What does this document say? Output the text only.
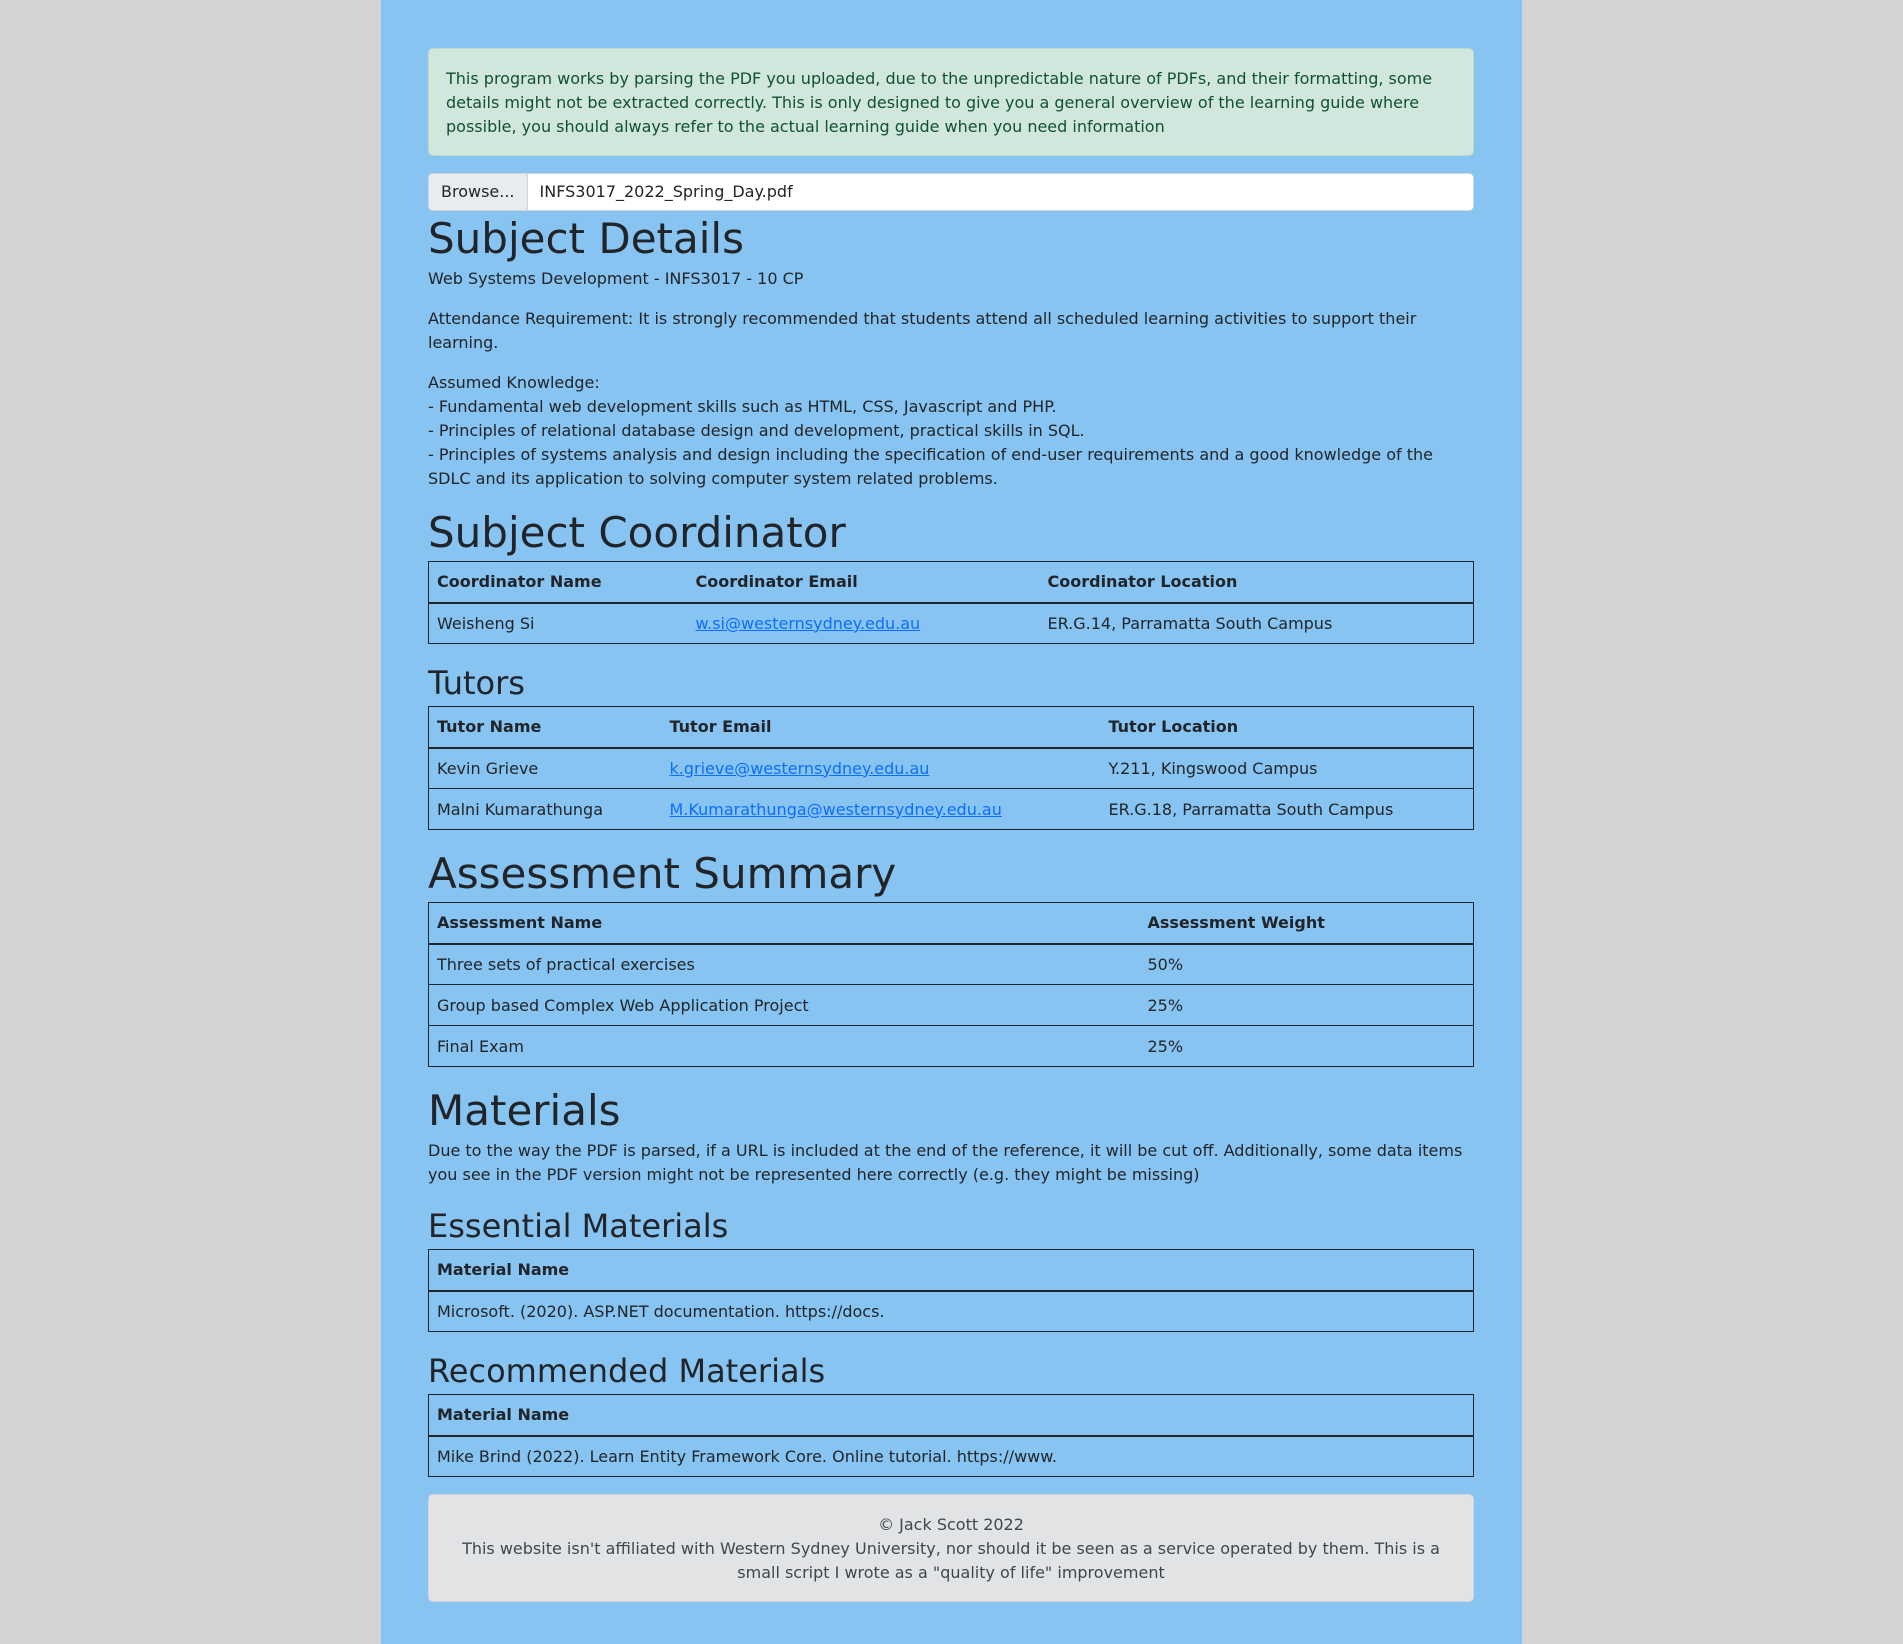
This program works by parsing the PDF you uploaded, due to the unpredictable nature of PDFs, and their formatting, some details might not be extracted correctly. This is only designed to give you a general overview of the learning guide where possible, you should always refer to the actual learning guide when you need information
Browse...	INFS3017_2022_Spring_Day.pdf
Subject Details

Web Systems Development - INFS3017 - 10 CP

Attendance Requirement: It is strongly recommended that students attend all scheduled learning activities to support their learning.

Assumed Knowledge:
- Fundamental web development skills such as HTML, CSS, Javascript and PHP.
- Principles of relational database design and development, practical skills in SQL.
- Principles of systems analysis and design including the specification of end-user requirements and a good knowledge of the SDLC and its application to solving computer system related problems.
Subject Coordinator
Coordinator Name	Coordinator Email	Coordinator Location
Weisheng Si	w.si@westernsydney.edu.au	ER.G.14, Parramatta South Campus
Tutors
Tutor Name	Tutor Email	Tutor Location
Kevin Grieve	k.grieve@westernsydney.edu.au	Y.211, Kingswood Campus
Malni Kumarathunga	M.Kumarathunga@westernsydney.edu.au	ER.G.18, Parramatta South Campus
Assessment Summary
Assessment Name	Assessment Weight
Three sets of practical exercises	50%
Group based Complex Web Application Project	25%
Final Exam	25%
Materials

Due to the way the PDF is parsed, if a URL is included at the end of the reference, it will be cut off. Additionally, some data items you see in the PDF version might not be represented here correctly (e.g. they might be missing)

Essential Materials
Material Name
Microsoft. (2020). ASP.NET documentation. https://docs.
Recommended Materials
Material Name
Mike Brind (2022). Learn Entity Framework Core. Online tutorial. https://www.
© Jack Scott 2022
This website isn't affiliated with Western Sydney University, nor should it be seen as a service operated by them. This is a small script I wrote as a "quality of life" improvement
